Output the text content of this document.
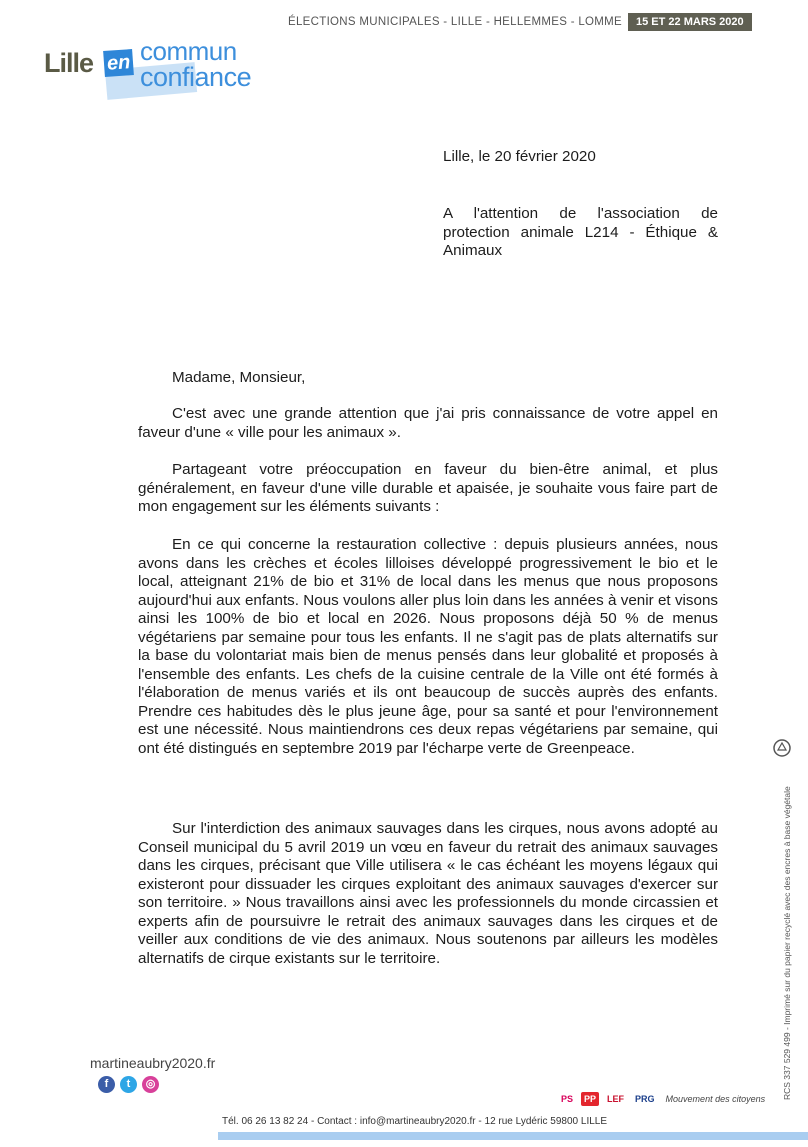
ÉLECTIONS MUNICIPALES - LILLE - HELLEMMES - LOMME	15 ET 22 MARS 2020
Lille en commun
confiance
Lille, le 20 février 2020
A l'attention de l'association de protection animale L214 - Éthique & Animaux
Madame, Monsieur,

C'est avec une grande attention que j'ai pris connaissance de votre appel en faveur d'une « ville pour les animaux ».

Partageant votre préoccupation en faveur du bien-être animal, et plus généralement, en faveur d'une ville durable et apaisée, je souhaite vous faire part de mon engagement sur les éléments suivants :

En ce qui concerne la restauration collective : depuis plusieurs années, nous avons dans les crèches et écoles lilloises développé progressivement le bio et le local, atteignant 21% de bio et 31% de local dans les menus que nous proposons aujourd'hui aux enfants. Nous voulons aller plus loin dans les années à venir et visons ainsi les 100% de bio et local en 2026. Nous proposons déjà 50 % de menus végétariens par semaine pour tous les enfants. Il ne s'agit pas de plats alternatifs sur la base du volontariat mais bien de menus pensés dans leur globalité et proposés à l'ensemble des enfants. Les chefs de la cuisine centrale de la Ville ont été formés à l'élaboration de menus variés et ils ont beaucoup de succès auprès des enfants. Prendre ces habitudes dès le plus jeune âge, pour sa santé et pour l'environnement est une nécessité. Nous maintiendrons ces deux repas végétariens par semaine, qui ont été distingués en septembre 2019 par l'écharpe verte de Greenpeace.

Sur l'interdiction des animaux sauvages dans les cirques, nous avons adopté au Conseil municipal du 5 avril 2019 un vœu en faveur du retrait des animaux sauvages dans les cirques, précisant que Ville utilisera « le cas échéant les moyens légaux qui existeront pour dissuader les cirques exploitant des animaux sauvages d'exercer sur son territoire. » Nous travaillons ainsi avec les professionnels du monde circassien et experts afin de poursuivre le retrait des animaux sauvages dans les cirques et de veiller aux conditions de vie des animaux. Nous soutenons par ailleurs les modèles alternatifs de cirque existants sur le territoire.	RCS 337 529 499 - Imprimé sur du papier recyclé avec des encres à base végétale
martineaubry2020.fr
f	t	◎
PS	PP	LEF	PRG	Mouvement des citoyens
Tél. 06 26 13 82 24 - Contact : info@martineaubry2020.fr - 12 rue Lydéric 59800 LILLE
